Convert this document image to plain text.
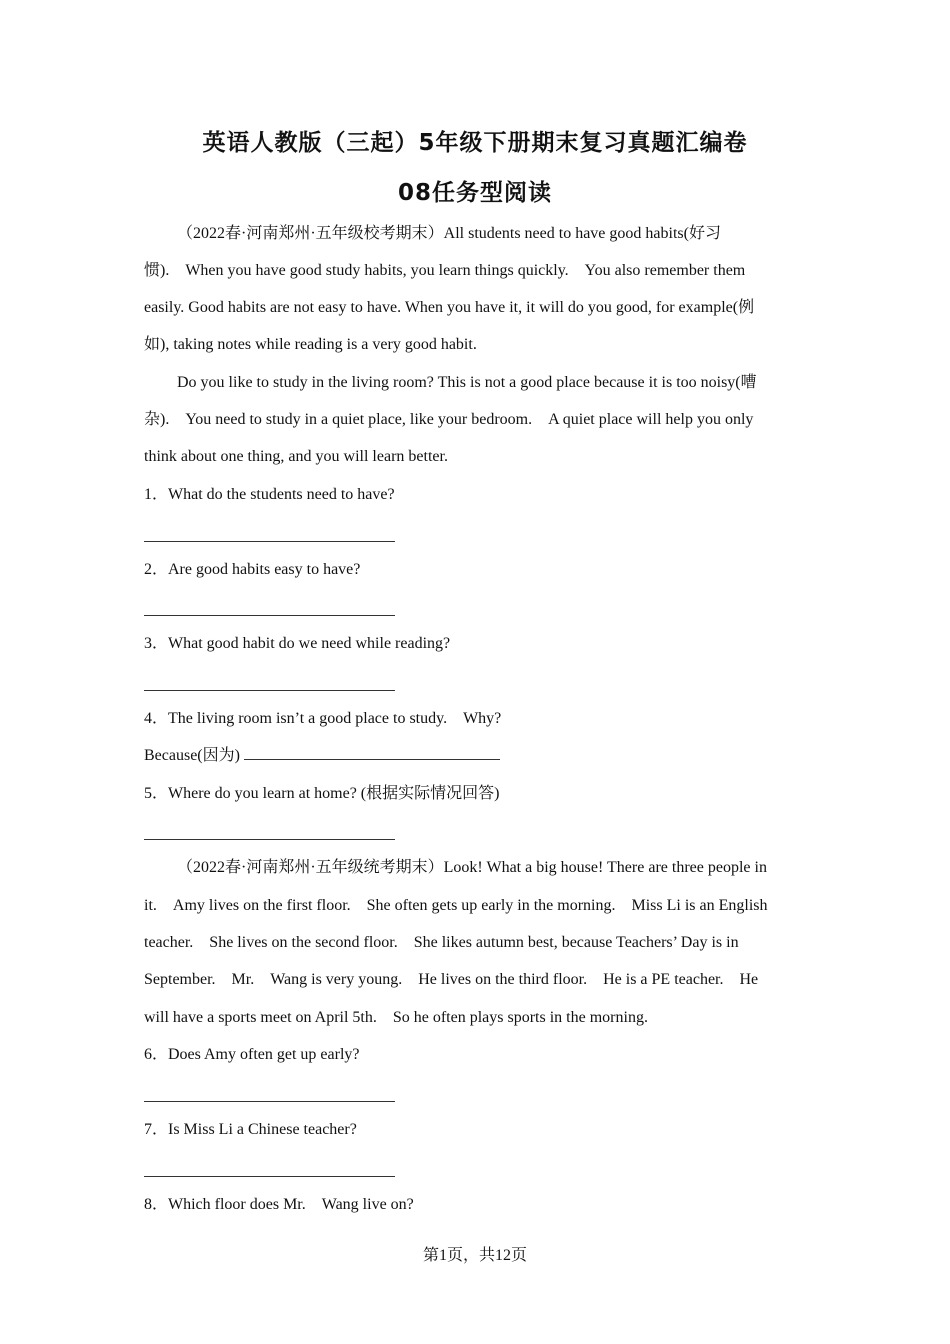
英语人教版（三起）5年级下册期末复习真题汇编卷
08任务型阅读
（2022春·河南郑州·五年级校考期末）All students need to have good habits(好习
惯).　When you have good study habits, you learn things quickly.　You also remember them
easily. Good habits are not easy to have. When you have it, it will do you good, for example(例
如), taking notes while reading is a very good habit.
Do you like to study in the living room? This is not a good place because it is too noisy(嘈
杂).　You need to study in a quiet place, like your bedroom.　A quiet place will help you only
think about one thing, and you will learn better.
1．What do the students need to have?
2．Are good habits easy to have?
3．What good habit do we need while reading?
4．The living room isn’t a good place to study.　Why?
Because(因为)
5．Where do you learn at home? (根据实际情况回答)
（2022春·河南郑州·五年级统考期末）Look! What a big house! There are three people in
it.　Amy lives on the first floor.　She often gets up early in the morning.　Miss Li is an English
teacher.　She lives on the second floor.　She likes autumn best, because Teachers’ Day is in
September.　Mr.　Wang is very young.　He lives on the third floor.　He is a PE teacher.　He
will have a sports meet on April 5th.　So he often plays sports in the morning.
6．Does Amy often get up early?
7．Is Miss Li a Chinese teacher?
8．Which floor does Mr.　Wang live on?
第1页，共12页
